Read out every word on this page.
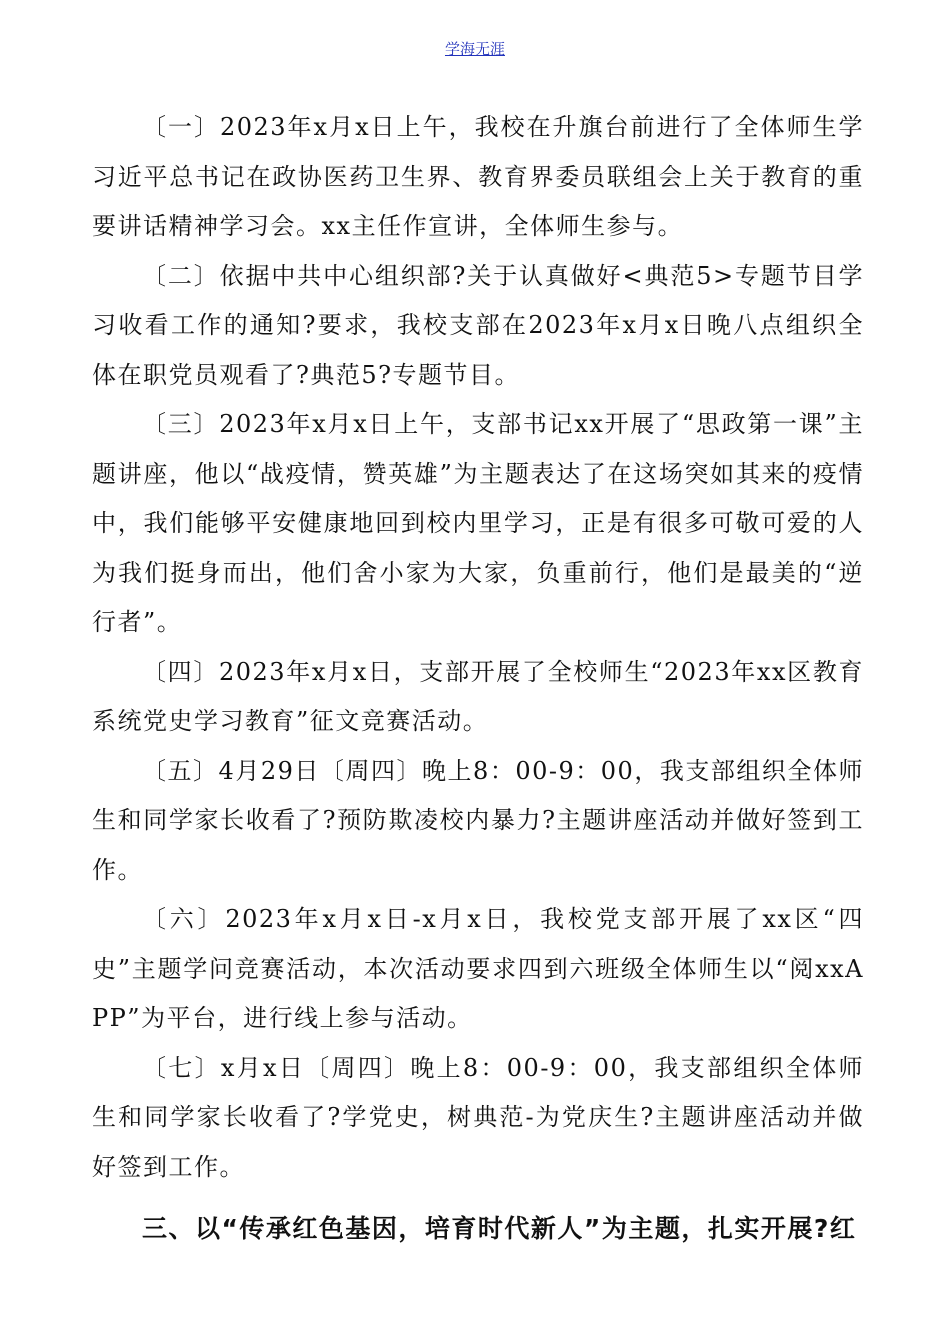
学海无涯

〔一〕2023年x月x日上午，我校在升旗台前进行了全体师生学习近平总书记在政协医药卫生界、教育界委员联组会上关于教育的重要讲话精神学习会。xx主任作宣讲，全体师生参与。

〔二〕依据中共中心组织部?关于认真做好<典范5>专题节目学习收看工作的通知?要求，我校支部在2023年x月x日晚八点组织全体在职党员观看了?典范5?专题节目。

〔三〕2023年x月x日上午，支部书记xx开展了“思政第一课”主题讲座，他以“战疫情，赞英雄”为主题表达了在这场突如其来的疫情中，我们能够平安健康地回到校内里学习，正是有很多可敬可爱的人为我们挺身而出，他们舍小家为大家，负重前行，他们是最美的“逆行者”。

〔四〕2023年x月x日，支部开展了全校师生“2023年xx区教育系统党史学习教育”征文竞赛活动。

〔五〕4月29日〔周四〕晚上8：00-9：00，我支部组织全体师生和同学家长收看了?预防欺凌校内暴力?主题讲座活动并做好签到工作。

〔六〕2023年x月x日-x月x日，我校党支部开展了xx区“四史”主题学问竞赛活动，本次活动要求四到六班级全体师生以“阅xxAPP”为平台，进行线上参与活动。

〔七〕x月x日〔周四〕晚上8：00-9：00，我支部组织全体师生和同学家长收看了?学党史，树典范-为党庆生?主题讲座活动并做好签到工作。

三、以“传承红色基因，培育时代新人”为主题，扎实开展?红
